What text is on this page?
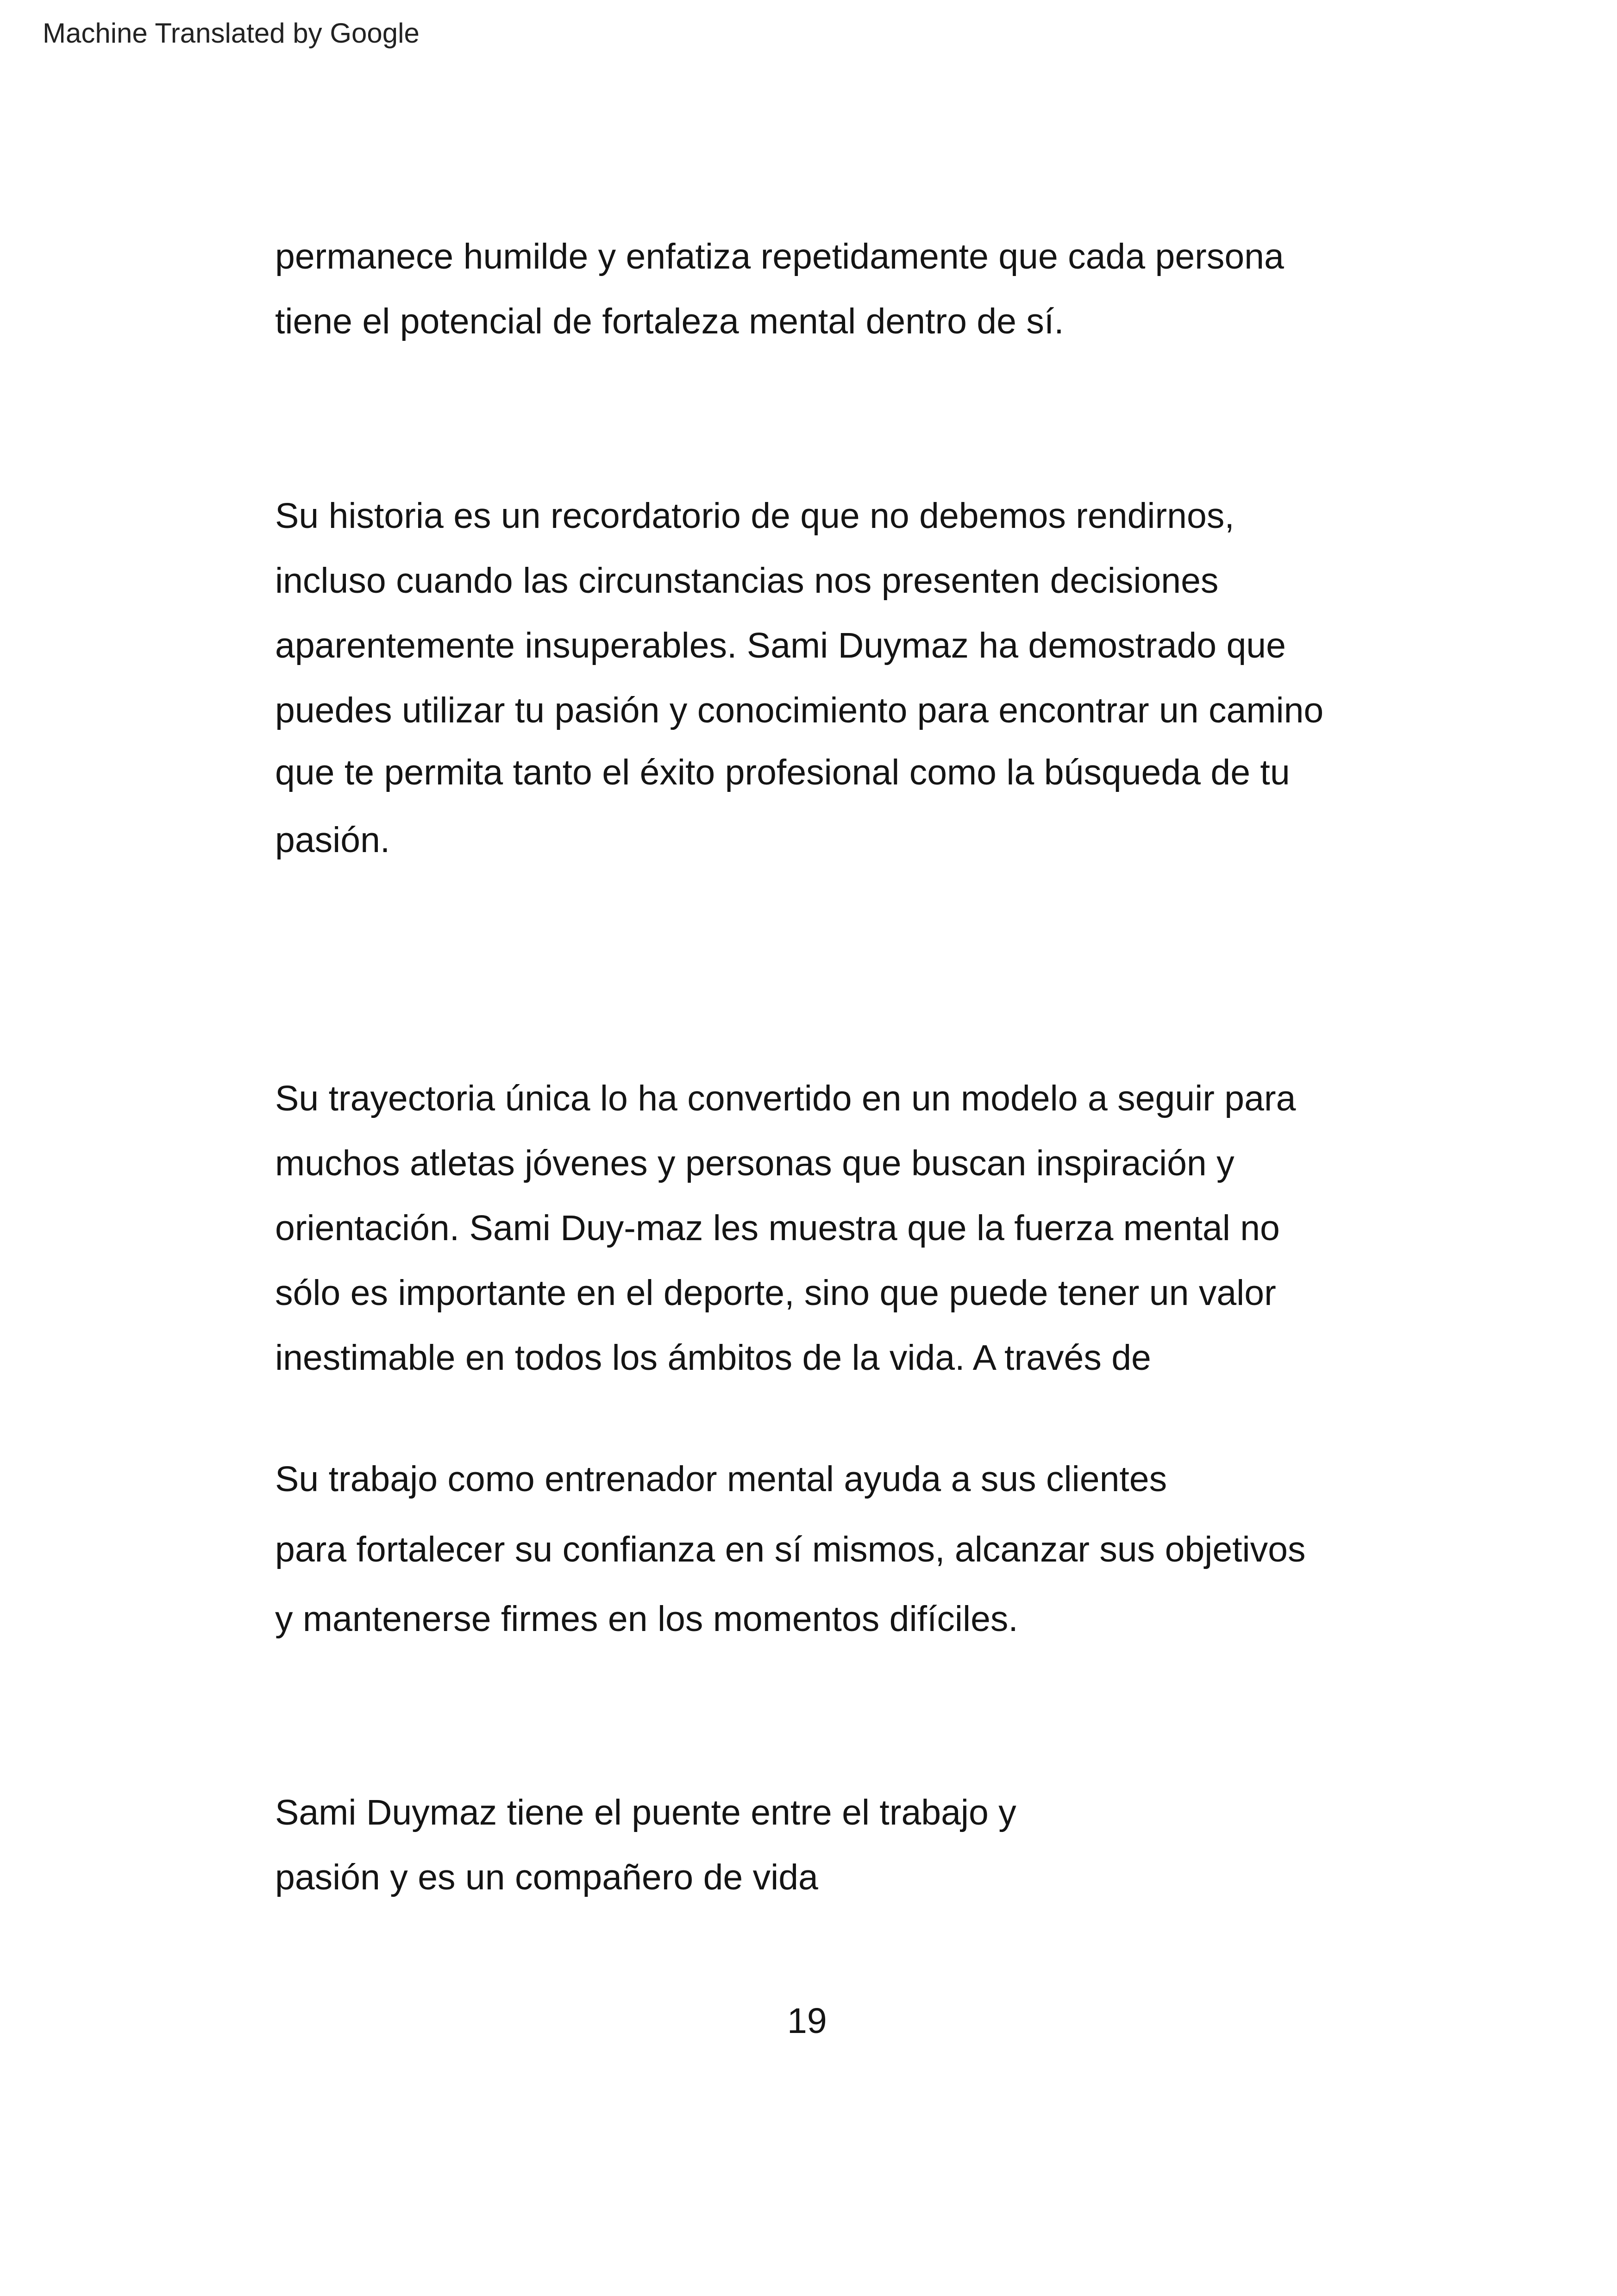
Machine Translated by Google
permanece humilde y enfatiza repetidamente que cada persona
tiene el potencial de fortaleza mental dentro de sí.
Su historia es un recordatorio de que no debemos rendirnos,
incluso cuando las circunstancias nos presenten decisiones
aparentemente insuperables. Sami Duymaz ha demostrado que
puedes utilizar tu pasión y conocimiento para encontrar un camino
que te permita tanto el éxito profesional como la búsqueda de tu
pasión.
Su trayectoria única lo ha convertido en un modelo a seguir para
muchos atletas jóvenes y personas que buscan inspiración y
orientación. Sami Duy-maz les muestra que la fuerza mental no
sólo es importante en el deporte, sino que puede tener un valor
inestimable en todos los ámbitos de la vida. A través de
Su trabajo como entrenador mental ayuda a sus clientes
para fortalecer su confianza en sí mismos, alcanzar sus objetivos
y mantenerse firmes en los momentos difíciles.
Sami Duymaz tiene el puente entre el trabajo y
pasión y es un compañero de vida
19
